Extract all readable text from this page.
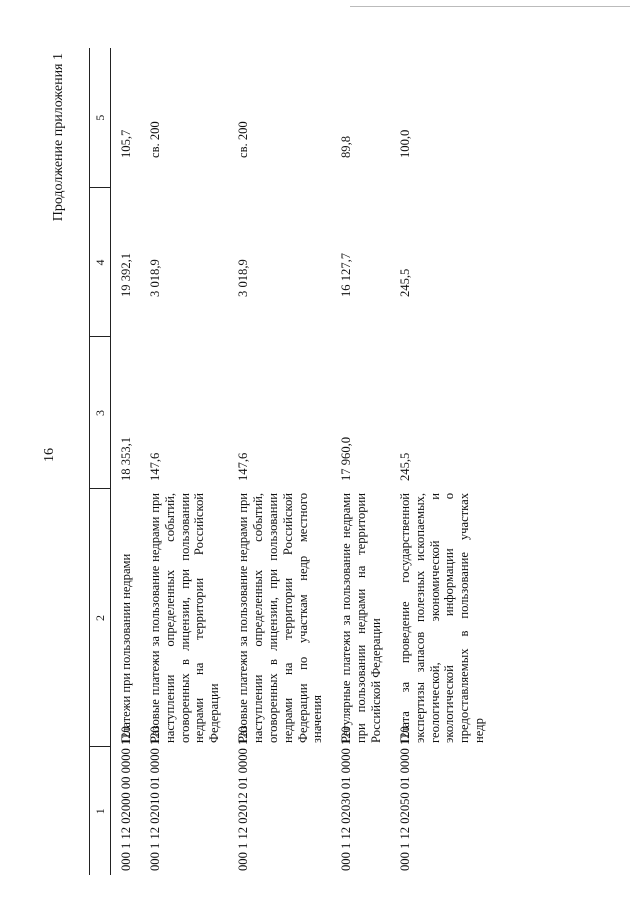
16
Продолжение приложения 1
1	2	3	4	5
000 1 12 02000 00 0000 120	Платежи при пользовании недрами	18 353,1	19 392,1	105,7
000 1 12 02010 01 0000 120	Разовые платежи за пользование недрами при наступлении определенных событий, оговоренных в лицензии, при пользовании недрами на территории Российской Федерации	147,6	3 018,9	св. 200
000 1 12 02012 01 0000 120	Разовые платежи за пользование недрами при наступлении определенных событий, оговоренных в лицензии, при пользовании недрами на территории Российской Федерации по участкам недр местного значения	147,6	3 018,9	св. 200
000 1 12 02030 01 0000 120	Регулярные платежи за пользование недрами при пользовании недрами на территории Российской Федерации	17 960,0	16 127,7	89,8
000 1 12 02050 01 0000 120	Плата за проведение государственной экспертизы запасов полезных ископаемых, геологической, экономической и экологической информации о предоставляемых в пользование участках недр	245,5	245,5	100,0
